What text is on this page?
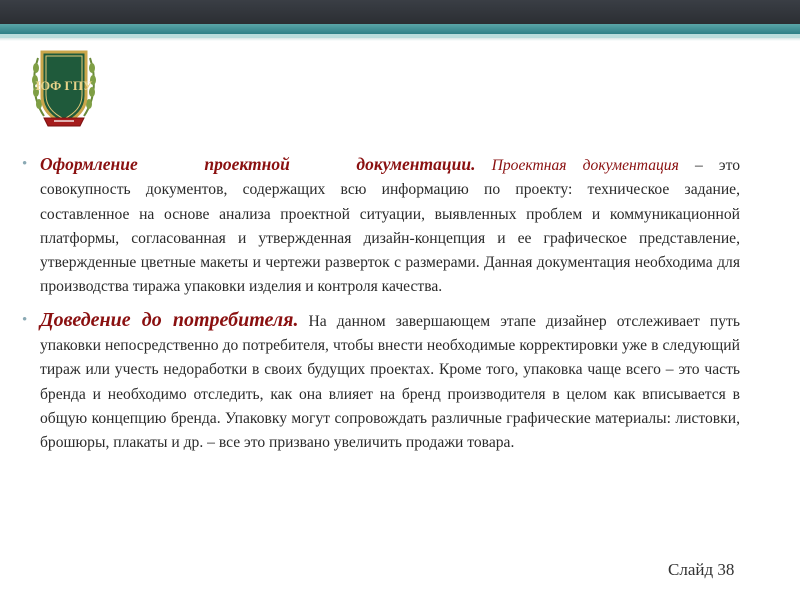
ЮФ ГПУ

• Оформление проектной документации. Проектная документация – это совокупность документов, содержащих всю информацию по проекту: техническое задание, составленное на основе анализа проектной ситуации, выявленных проблем и коммуникационной платформы, согласованная и утвержденная дизайн-концепция и ее графическое представление, утвержденные цветные макеты и чертежи разверток с размерами. Данная документация необходима для производства тиража упаковки изделия и контроля качества.

• Доведение до потребителя. На данном завершающем этапе дизайнер отслеживает путь упаковки непосредственно до потребителя, чтобы внести необходимые корректировки уже в следующий тираж или учесть недоработки в своих будущих проектах. Кроме того, упаковка чаще всего – это часть бренда и необходимо отследить, как она влияет на бренд производителя в целом как вписывается в общую концепцию бренда. Упаковку могут сопровождать различные графические материалы: листовки, брошюры, плакаты и др. – все это призвано увеличить продажи товара.

Слайд 38
